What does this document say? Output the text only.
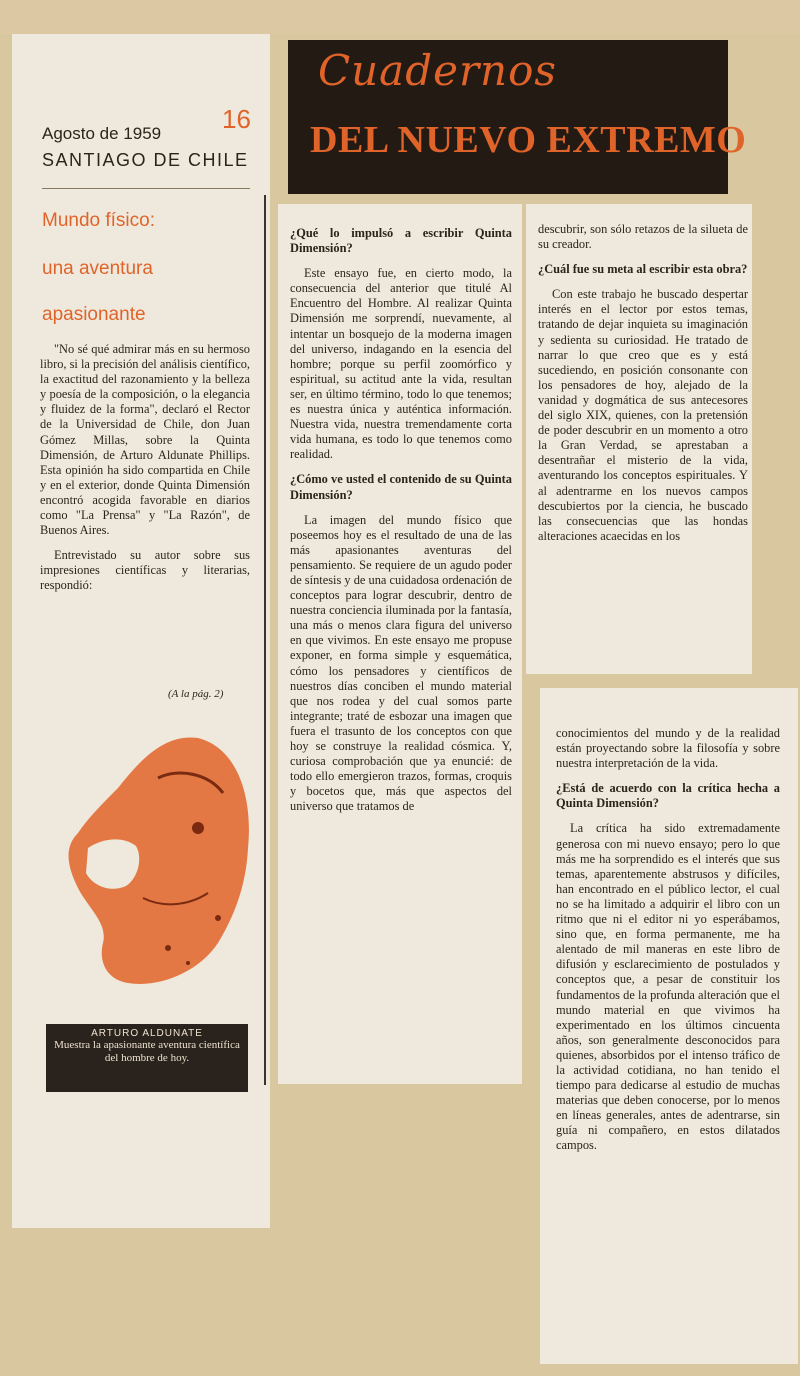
Cuadernos
DEL NUEVO EXTREMO
Agosto de 1959
SANTIAGO DE CHILE
16
Mundo físico:
una aventura
apasionante

"No sé qué admirar más en su hermoso libro, si la precisión del análisis científico, la exactitud del razonamiento y la belleza y poesía de la composición, o la elegancia y fluidez de la forma", declaró el Rector de la Universidad de Chile, don Juan Gómez Millas, sobre la Quinta Dimensión, de Arturo Aldunate Phillips. Esta opinión ha sido compartida en Chile y en el exterior, donde Quinta Dimensión encontró acogida favorable en diarios como "La Prensa" y "La Razón", de Buenos Aires.

Entrevistado su autor sobre sus impresiones científicas y literarias, respondió:

(A la pág. 2)
ARTURO ALDUNATE
Muestra la apasionante aventura científica del hombre de hoy.

¿Qué lo impulsó a escribir Quinta Dimensión?

Este ensayo fue, en cierto modo, la consecuencia del anterior que titulé Al Encuentro del Hombre. Al realizar Quinta Dimensión me sorprendí, nuevamente, al intentar un bosquejo de la moderna imagen del universo, indagando en la esencia del hombre; porque su perfil zoomórfico y espiritual, su actitud ante la vida, resultan ser, en último término, todo lo que tenemos; es nuestra única y auténtica información. Nuestra vida, nuestra tremendamente corta vida humana, es todo lo que tenemos como realidad.

¿Cómo ve usted el contenido de su Quinta Dimensión?

La imagen del mundo físico que poseemos hoy es el resultado de una de las más apasionantes aventuras del pensamiento. Se requiere de un agudo poder de síntesis y de una cuidadosa ordenación de conceptos para lograr descubrir, dentro de nuestra conciencia iluminada por la fantasía, una más o menos clara figura del universo en que vivimos. En este ensayo me propuse exponer, en forma simple y esquemática, cómo los pensadores y científicos de nuestros días conciben el mundo material que nos rodea y del cual somos parte integrante; traté de esbozar una imagen que fuera el trasunto de los conceptos con que hoy se construye la realidad cósmica. Y, curiosa comprobación que ya enuncié: de todo ello emergieron trazos, formas, croquis y bocetos que, más que aspectos del universo que tratamos de

descubrir, son sólo retazos de la silueta de su creador.

¿Cuál fue su meta al escribir esta obra?

Con este trabajo he buscado despertar interés en el lector por estos temas, tratando de dejar inquieta su imaginación y sedienta su curiosidad. He tratado de narrar lo que creo que es y está sucediendo, en posición consonante con los pensadores de hoy, alejado de la vanidad y dogmática de sus antecesores del siglo XIX, quienes, con la pretensión de poder descubrir en un momento a otro la Gran Verdad, se aprestaban a desentrañar el misterio de la vida, aventurando los conceptos espirituales. Y al adentrarme en los nuevos campos descubiertos por la ciencia, he buscado las consecuencias que las hondas alteraciones acaecidas en los

conocimientos del mundo y de la realidad están proyectando sobre la filosofía y sobre nuestra interpretación de la vida.

¿Está de acuerdo con la crítica hecha a Quinta Dimensión?

La crítica ha sido extremadamente generosa con mi nuevo ensayo; pero lo que más me ha sorprendido es el interés que sus temas, aparentemente abstrusos y difíciles, han encontrado en el público lector, el cual no se ha limitado a adquirir el libro con un ritmo que ni el editor ni yo esperábamos, sino que, en forma permanente, me ha alentado de mil maneras en este libro de difusión y esclarecimiento de postulados y conceptos que, a pesar de constituir los fundamentos de la profunda alteración que el mundo material en que vivimos ha experimentado en los últimos cincuenta años, son generalmente desconocidos para quienes, absorbidos por el intenso tráfico de la actividad cotidiana, no han tenido el tiempo para dedicarse al estudio de muchas materias que deben conocerse, por lo menos en líneas generales, antes de adentrarse, sin guía ni compañero, en estos dilatados campos.
